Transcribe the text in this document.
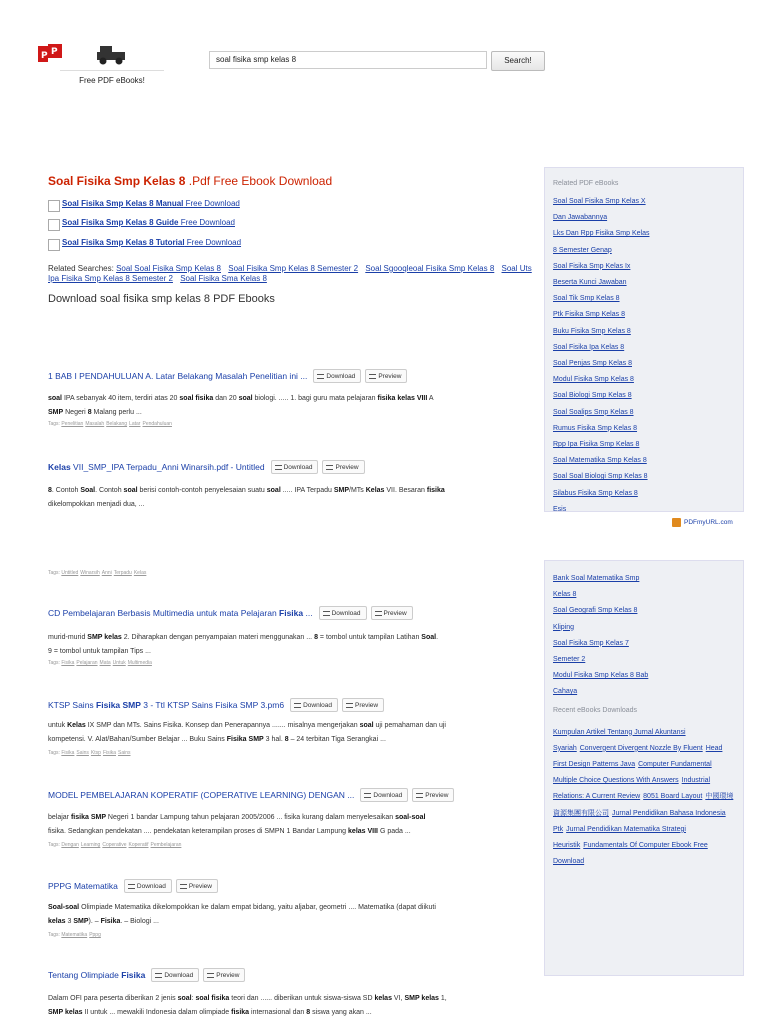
P P
Free PDF eBooks!
soal fisika smp kelas 8	Search!
Soal Fisika Smp Kelas 8 .Pdf Free Ebook Download
Soal Fisika Smp Kelas 8 Manual Free Download
Soal Fisika Smp Kelas 8 Guide Free Download
Soal Fisika Smp Kelas 8 Tutorial Free Download
Related Searches: Soal Soal Fisika Smp Kelas 8 Soal Fisika Smp Kelas 8 Semester 2 Soal Sgooqleoal Fisika Smp Kelas 8 Soal Uts Ipa Fisika Smp Kelas 8 Semester 2 Soal Fisika Sma Kelas 8
Download soal fisika smp kelas 8 PDF Ebooks
1 BAB I PENDAHULUAN A. Latar Belakang Masalah Penelitian ini ...	Download	Preview
soal IPA sebanyak 40 item, terdiri atas 20 soal fisika dan 20 soal biologi. ..... 1. bagi guru mata pelajaran fisika kelas VIII A
SMP Negeri 8 Malang perlu ...
Tags: Penelitian Masalah Belakang Latar Pendahuluan
Kelas VII_SMP_IPA Terpadu_Anni Winarsih.pdf - Untitled	Download	Preview
8. Contoh Soal. Contoh soal berisi contoh-contoh penyelesaian suatu soal ..... IPA Terpadu SMP/MTs Kelas VII. Besaran fisika
dikelompokkan menjadi dua, ...
Tags: Untitled Winarsih Anni Terpadu Kelas
CD Pembelajaran Berbasis Multimedia untuk mata Pelajaran Fisika ...	Download	Preview
murid-murid SMP kelas 2. Diharapkan dengan penyampaian materi menggunakan ... 8 = tombol untuk tampilan Latihan Soal.
9 = tombol untuk tampilan Tips ...
Tags: Fisika Pelajaran Mata Untuk Multimedia
KTSP Sains Fisika SMP 3 - Ttl KTSP Sains Fisika SMP 3.pm6	Download	Preview
untuk Kelas IX SMP dan MTs. Sains Fisika. Konsep dan Penerapannya ....... misalnya mengerjakan soal uji pemahaman dan uji
kompetensi. V. Alat/Bahan/Sumber Belajar ... Buku Sains Fisika SMP 3 hal. 8 – 24 terbitan Tiga Serangkai ...
Tags: Fisika Sains Ktsp Fisika Sains
MODEL PEMBELAJARAN KOPERATIF (COPERATIVE LEARNING) DENGAN ...	Download	Preview
belajar fisika SMP Negeri 1 bandar Lampung tahun pelajaran 2005/2006 ... fisika kurang dalam menyelesaikan soal-soal
fisika. Sedangkan pendekatan .... pendekatan keterampilan proses di SMPN 1 Bandar Lampung kelas VIII G pada ...
Tags: Dengan Learning Coperative Koperatif Pembelajaran
PPPG Matematika	Download	Preview
Soal-soal Olimpiade Matematika dikelompokkan ke dalam empat bidang, yaitu aljabar, geometri .... Matematika (dapat diikuti
kelas 3 SMP). – Fisika. – Biologi ...
Tags: Matematika Pppg
Tentang Olimpiade Fisika	Download	Preview
Dalam OFI para peserta diberikan 2 jenis soal: soal fisika teori dan ...... diberikan untuk siswa-siswa SD kelas VI, SMP kelas 1,
SMP kelas II untuk ... mewakili Indonesia dalam olimpiade fisika internasional dan 8 siswa yang akan ...
Related PDF eBooks
Soal Soal Fisika Smp Kelas X
Dan Jawabannya
Lks Dan Rpp Fisika Smp Kelas
8 Semester Genap
Soal Fisika Smp Kelas Ix
Beserta Kunci Jawaban
Soal Tik Smp Kelas 8
Ptk Fisika Smp Kelas 8
Buku Fisika Smp Kelas 8
Soal Fisika Ipa Kelas 8
Soal Penjas Smp Kelas 8
Modul Fisika Smp Kelas 8
Soal Biologi Smp Kelas 8
Soal Soalips Smp Kelas 8
Rumus Fisika Smp Kelas 8
Rpp Ipa Fisika Smp Kelas 8
Soal Matematika Smp Kelas 8
Soal Soal Biologi Smp Kelas 8
Silabus Fisika Smp Kelas 8
Esis
PDFmyURL.com
Bank Soal Matematika Smp
Kelas 8
Soal Geografi Smp Kelas 8
Kliping
Soal Fisika Smp Kelas 7
Semeter 2
Modul Fisika Smp Kelas 8 Bab
Cahaya
Recent eBooks Downloads
Kumpulan Artikel Tentang Jurnal Akuntansi Syariah Convergent Divergent Nozzle By Fluent Head First Design Patterns Java Computer Fundamental Multiple Choice Questions With Answers Industrial Relations: A Current Review 8051 Board Layout 中國環境資源集團有限公司 Jurnal Pendidikan Bahasa Indonesia Ptk Jurnal Pendidikan Matematika Strategi Heuristik Fundamentals Of Computer Ebook Free Download
